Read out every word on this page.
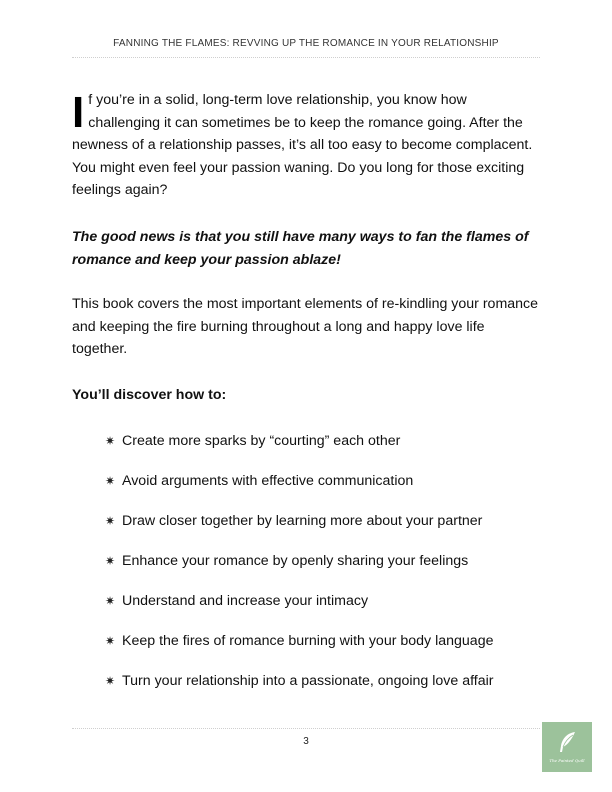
FANNING THE FLAMES: REVVING UP THE ROMANCE IN YOUR RELATIONSHIP
I f you’re in a solid, long-term love relationship, you know how challenging it can sometimes be to keep the romance going. After the newness of a relationship passes, it’s all too easy to become complacent. You might even feel your passion waning. Do you long for those exciting feelings again?
The good news is that you still have many ways to fan the flames of romance and keep your passion ablaze!
This book covers the most important elements of re-kindling your romance and keeping the fire burning throughout a long and happy love life together.
You’ll discover how to:
✷ Create more sparks by “courting” each other
✷ Avoid arguments with effective communication
✷ Draw closer together by learning more about your partner
✷ Enhance your romance by openly sharing your feelings
✷ Understand and increase your intimacy
✷ Keep the fires of romance burning with your body language
✷ Turn your relationship into a passionate, ongoing love affair
3
The Painted Quill
